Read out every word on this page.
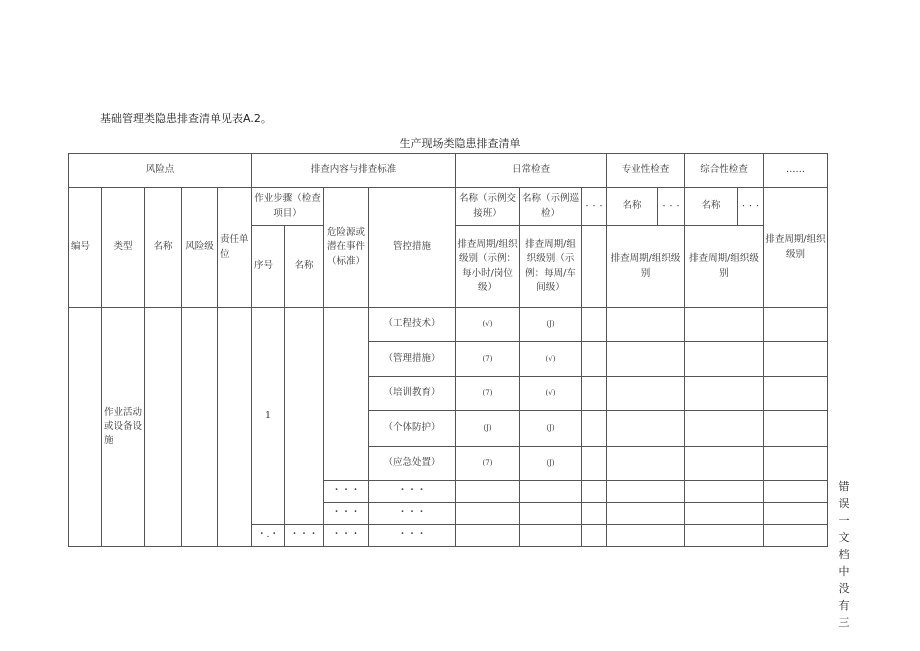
基础管理类隐患排查清单见表A.2。
生产现场类隐患排查清单
风险点					排查内容与排查标准				日常检查			专业性检查		综合性检查		……
编号	类型	名称	风险级	责任单位	作业步骤（检查项目）		危险源或潜在事件（标准）	管控措施	名称（示例交接班）	名称（示例巡检）	・・・	名称	・・・	名称	・・・	排查周期/组织级别
					序号	名称			排查周期/组织级别（示例：每小时/岗位级）	排查周期/组织级别（示例：每周/车间级）		排查周期/组织级别		排查周期/组织级别		
	作业活动或设备设施				1			（工程技术）	(√)	(J)						
								（管理措施）	(7)	(√)						
								（培训教育）	(7)	(√)						
								（个体防护）	(J)	(J)						
								（应急处置）	(7)	(J)						
							・・・	・・・								
							・・・	・・・								
					・.・	・・・	・・・	・・・								
错
误
一
文
档
中
没
有
三
